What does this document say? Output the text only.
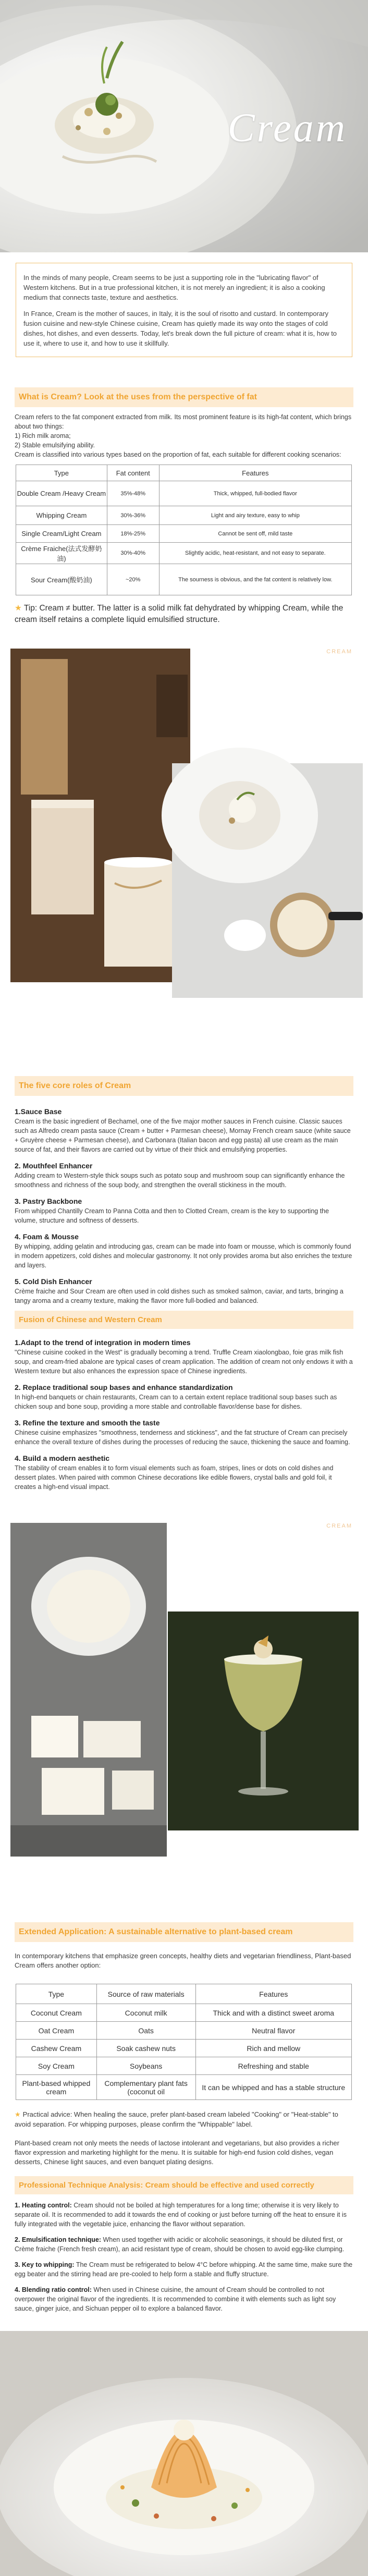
Cream

In the minds of many people, Cream seems to be just a supporting role in the "lubricating flavor" of Western kitchens. But in a true professional kitchen, it is not merely an ingredient; it is also a cooking medium that connects taste, texture and aesthetics.

In France, Cream is the mother of sauces, in Italy, it is the soul of risotto and custard. In contemporary fusion cuisine and new-style Chinese cuisine, Cream has quietly made its way onto the stages of cold dishes, hot dishes, and even desserts. Today, let's break down the full picture of cream: what it is, how to use it, where to use it, and how to use it skillfully.

What is Cream? Look at the uses from the perspective of fat

Cream refers to the fat component extracted from milk. Its most prominent feature is its high-fat content, which brings about two things:
1) Rich milk aroma;
2) Stable emulsifying ability.
Cream is classified into various types based on the proportion of fat, each suitable for different cooking scenarios:

Type	Fat content	Features
Double Cream /Heavy Cream	35%-48%	Thick, whipped, full-bodied flavor
Whipping Cream	30%-36%	Light and airy texture, easy to whip
Single Cream/Light Cream	18%-25%	Cannot be sent off, mild taste
Crème Fraiche(法式发酵奶油)	30%-40%	Slightly acidic, heat-resistant, and not easy to separate.
Sour Cream(酸奶油)	~20%	The sourness is obvious, and the fat content is relatively low.

★ Tip: Cream ≠ butter. The latter is a solid milk fat dehydrated by whipping Cream, while the cream itself retains a complete liquid emulsified structure.

CREAM
The five core roles of Cream
1.Sauce Base

Cream is the basic ingredient of Bechamel, one of the five major mother sauces in French cuisine. Classic sauces such as Alfredo cream pasta sauce (Cream + butter + Parmesan cheese), Mornay French cream sauce (white sauce + Gruyère cheese + Parmesan cheese), and Carbonara (Italian bacon and egg pasta) all use cream as the main source of fat, and their flavors are carried out by virtue of their thick and emulsifying properties.

2. Mouthfeel Enhancer

Adding cream to Western-style thick soups such as potato soup and mushroom soup can significantly enhance the smoothness and richness of the soup body, and strengthen the overall stickiness in the mouth.

3. Pastry Backbone

From whipped Chantilly Cream to Panna Cotta and then to Clotted Cream, cream is the key to supporting the volume, structure and softness of desserts.

4. Foam & Mousse

By whipping, adding gelatin and introducing gas, cream can be made into foam or mousse, which is commonly found in modern appetizers, cold dishes and molecular gastronomy. It not only provides aroma but also enriches the texture and layers.

5. Cold Dish Enhancer

Crème fraiche and Sour Cream are often used in cold dishes such as smoked salmon, caviar, and tarts, bringing a tangy aroma and a creamy texture, making the flavor more full-bodied and balanced.

Fusion of Chinese and Western Cream
1.Adapt to the trend of integration in modern times

"Chinese cuisine cooked in the West" is gradually becoming a trend. Truffle Cream xiaolongbao, foie gras milk fish soup, and cream-fried abalone are typical cases of cream application. The addition of cream not only endows it with a Western texture but also enhances the expression space of Chinese ingredients.

2. Replace traditional soup bases and enhance standardization

In high-end banquets or chain restaurants, Cream can to a certain extent replace traditional soup bases such as chicken soup and bone soup, providing a more stable and controllable flavor/dense base for dishes.

3. Refine the texture and smooth the taste

Chinese cuisine emphasizes "smoothness, tenderness and stickiness", and the fat structure of Cream can precisely enhance the overall texture of dishes during the processes of reducing the sauce, thickening the sauce and foaming.

4. Build a modern aesthetic

The stability of cream enables it to form visual elements such as foam, stripes, lines or dots on cold dishes and dessert plates. When paired with common Chinese decorations like edible flowers, crystal balls and gold foil, it creates a high-end visual impact.

CREAM
Extended Application: A sustainable alternative to plant-based cream

In contemporary kitchens that emphasize green concepts, healthy diets and vegetarian friendliness, Plant-based Cream offers another option:

Type	Source of raw materials	Features
Coconut Cream	Coconut milk	Thick and with a distinct sweet aroma
Oat Cream	Oats	Neutral flavor
Cashew Cream	Soak cashew nuts	Rich and mellow
Soy Cream	Soybeans	Refreshing and stable
Plant-based whipped cream	Complementary plant fats (coconut oil	It can be whipped and has a stable structure

★ Practical advice: When healing the sauce, prefer plant-based cream labeled "Cooking" or "Heat-stable" to avoid separation. For whipping purposes, please confirm the "Whippable" label.

Plant-based cream not only meets the needs of lactose intolerant and vegetarians, but also provides a richer flavor expression and marketing highlight for the menu. It is suitable for high-end fusion cold dishes, vegan desserts, Chinese light sauces, and even banquet plating designs.

Professional Technique Analysis: Cream should be effective and used correctly

1. Heating control: Cream should not be boiled at high temperatures for a long time; otherwise it is very likely to separate oil. It is recommended to add it towards the end of cooking or just before turning off the heat to ensure it is fully integrated with the vegetable juice, enhancing the flavor without separation.

2. Emulsification technique: When used together with acidic or alcoholic seasonings, it should be diluted first, or Crème fraiche (French fresh cream), an acid resistant type of cream, should be chosen to avoid egg-like clumping.

3. Key to whipping: The Cream must be refrigerated to below 4°C before whipping. At the same time, make sure the egg beater and the stirring head are pre-cooled to help form a stable and fluffy structure.

4. Blending ratio control: When used in Chinese cuisine, the amount of Cream should be controlled to not overpower the original flavor of the ingredients. It is recommended to combine it with elements such as light soy sauce, ginger juice, and Sichuan pepper oil to explore a balanced flavor.
